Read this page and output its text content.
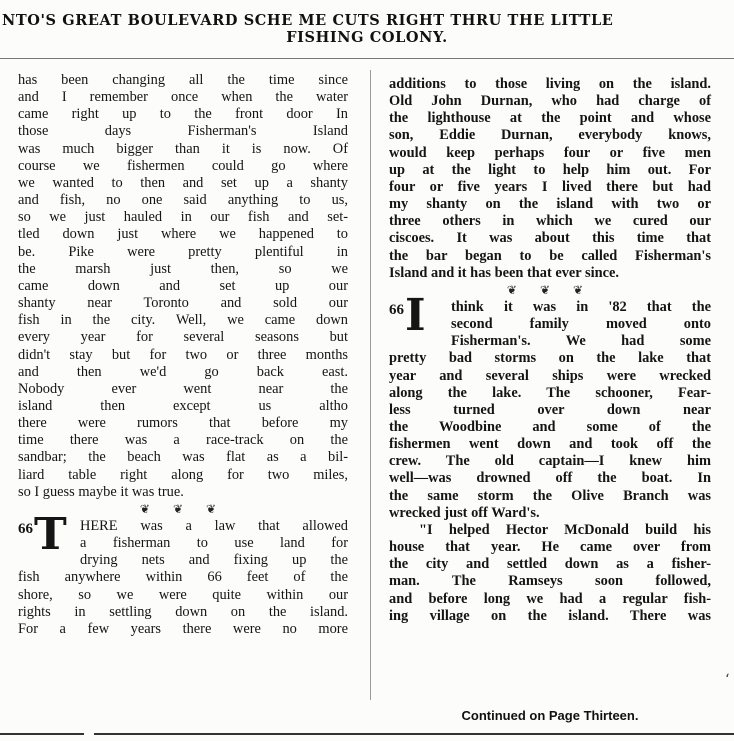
NTO'S GREAT BOULEVARD SCHE ME CUTS RIGHT THRU THE LITTLE
FISHING COLONY.
has been changing all the time since
and I remember once when the water
came right up to the front door In
those days Fisherman's Island
was much bigger than it is now. Of
course we fishermen could go where
we wanted to then and set up a shanty
and fish, no one said anything to us,
so we just hauled in our fish and set-
tled down just where we happened to
be. Pike were pretty plentiful in
the marsh just then, so we
came down and set up our
shanty near Toronto and sold our
fish in the city. Well, we came down
every year for several seasons but
didn't stay but for two or three months
and then we'd go back east.
Nobody ever went near the
island then except us altho
there were rumors that before my
time there was a race-track on the
sandbar; the beach was flat as a bil-
liard table right along for two miles,
so I guess maybe it was true.
❦ ❦ ❦
66 T HERE was a law that allowed
a fisherman to use land for
drying nets and fixing up the
fish anywhere within 66 feet of the
shore, so we were quite within our
rights in settling down on the island.
For a few years there were no more
additions to those living on the island.
Old John Durnan, who had charge of
the lighthouse at the point and whose
son, Eddie Durnan, everybody knows,
would keep perhaps four or five men
up at the light to help him out. For
four or five years I lived there but had
my shanty on the island with two or
three others in which we cured our
ciscoes. It was about this time that
the bar began to be called Fisherman's
Island and it has been that ever since.
❦ ❦ ❦
66 I	think it was in '82 that the
second family moved onto
Fisherman's. We had some
pretty bad storms on the lake that
year and several ships were wrecked
along the lake. The schooner, Fear-
less turned over down near
the Woodbine and some of the
fishermen went down and took off the
crew. The old captain—I knew him
well—was drowned off the boat. In
the same storm the Olive Branch was
wrecked just off Ward's.
"I helped Hector McDonald build his
house that year. He came over from
the city and settled down as a fisher-
man. The Ramseys soon followed,
and before long we had a regular fish-
ing village on the island. There was
Continued on Page Thirteen.
‘
